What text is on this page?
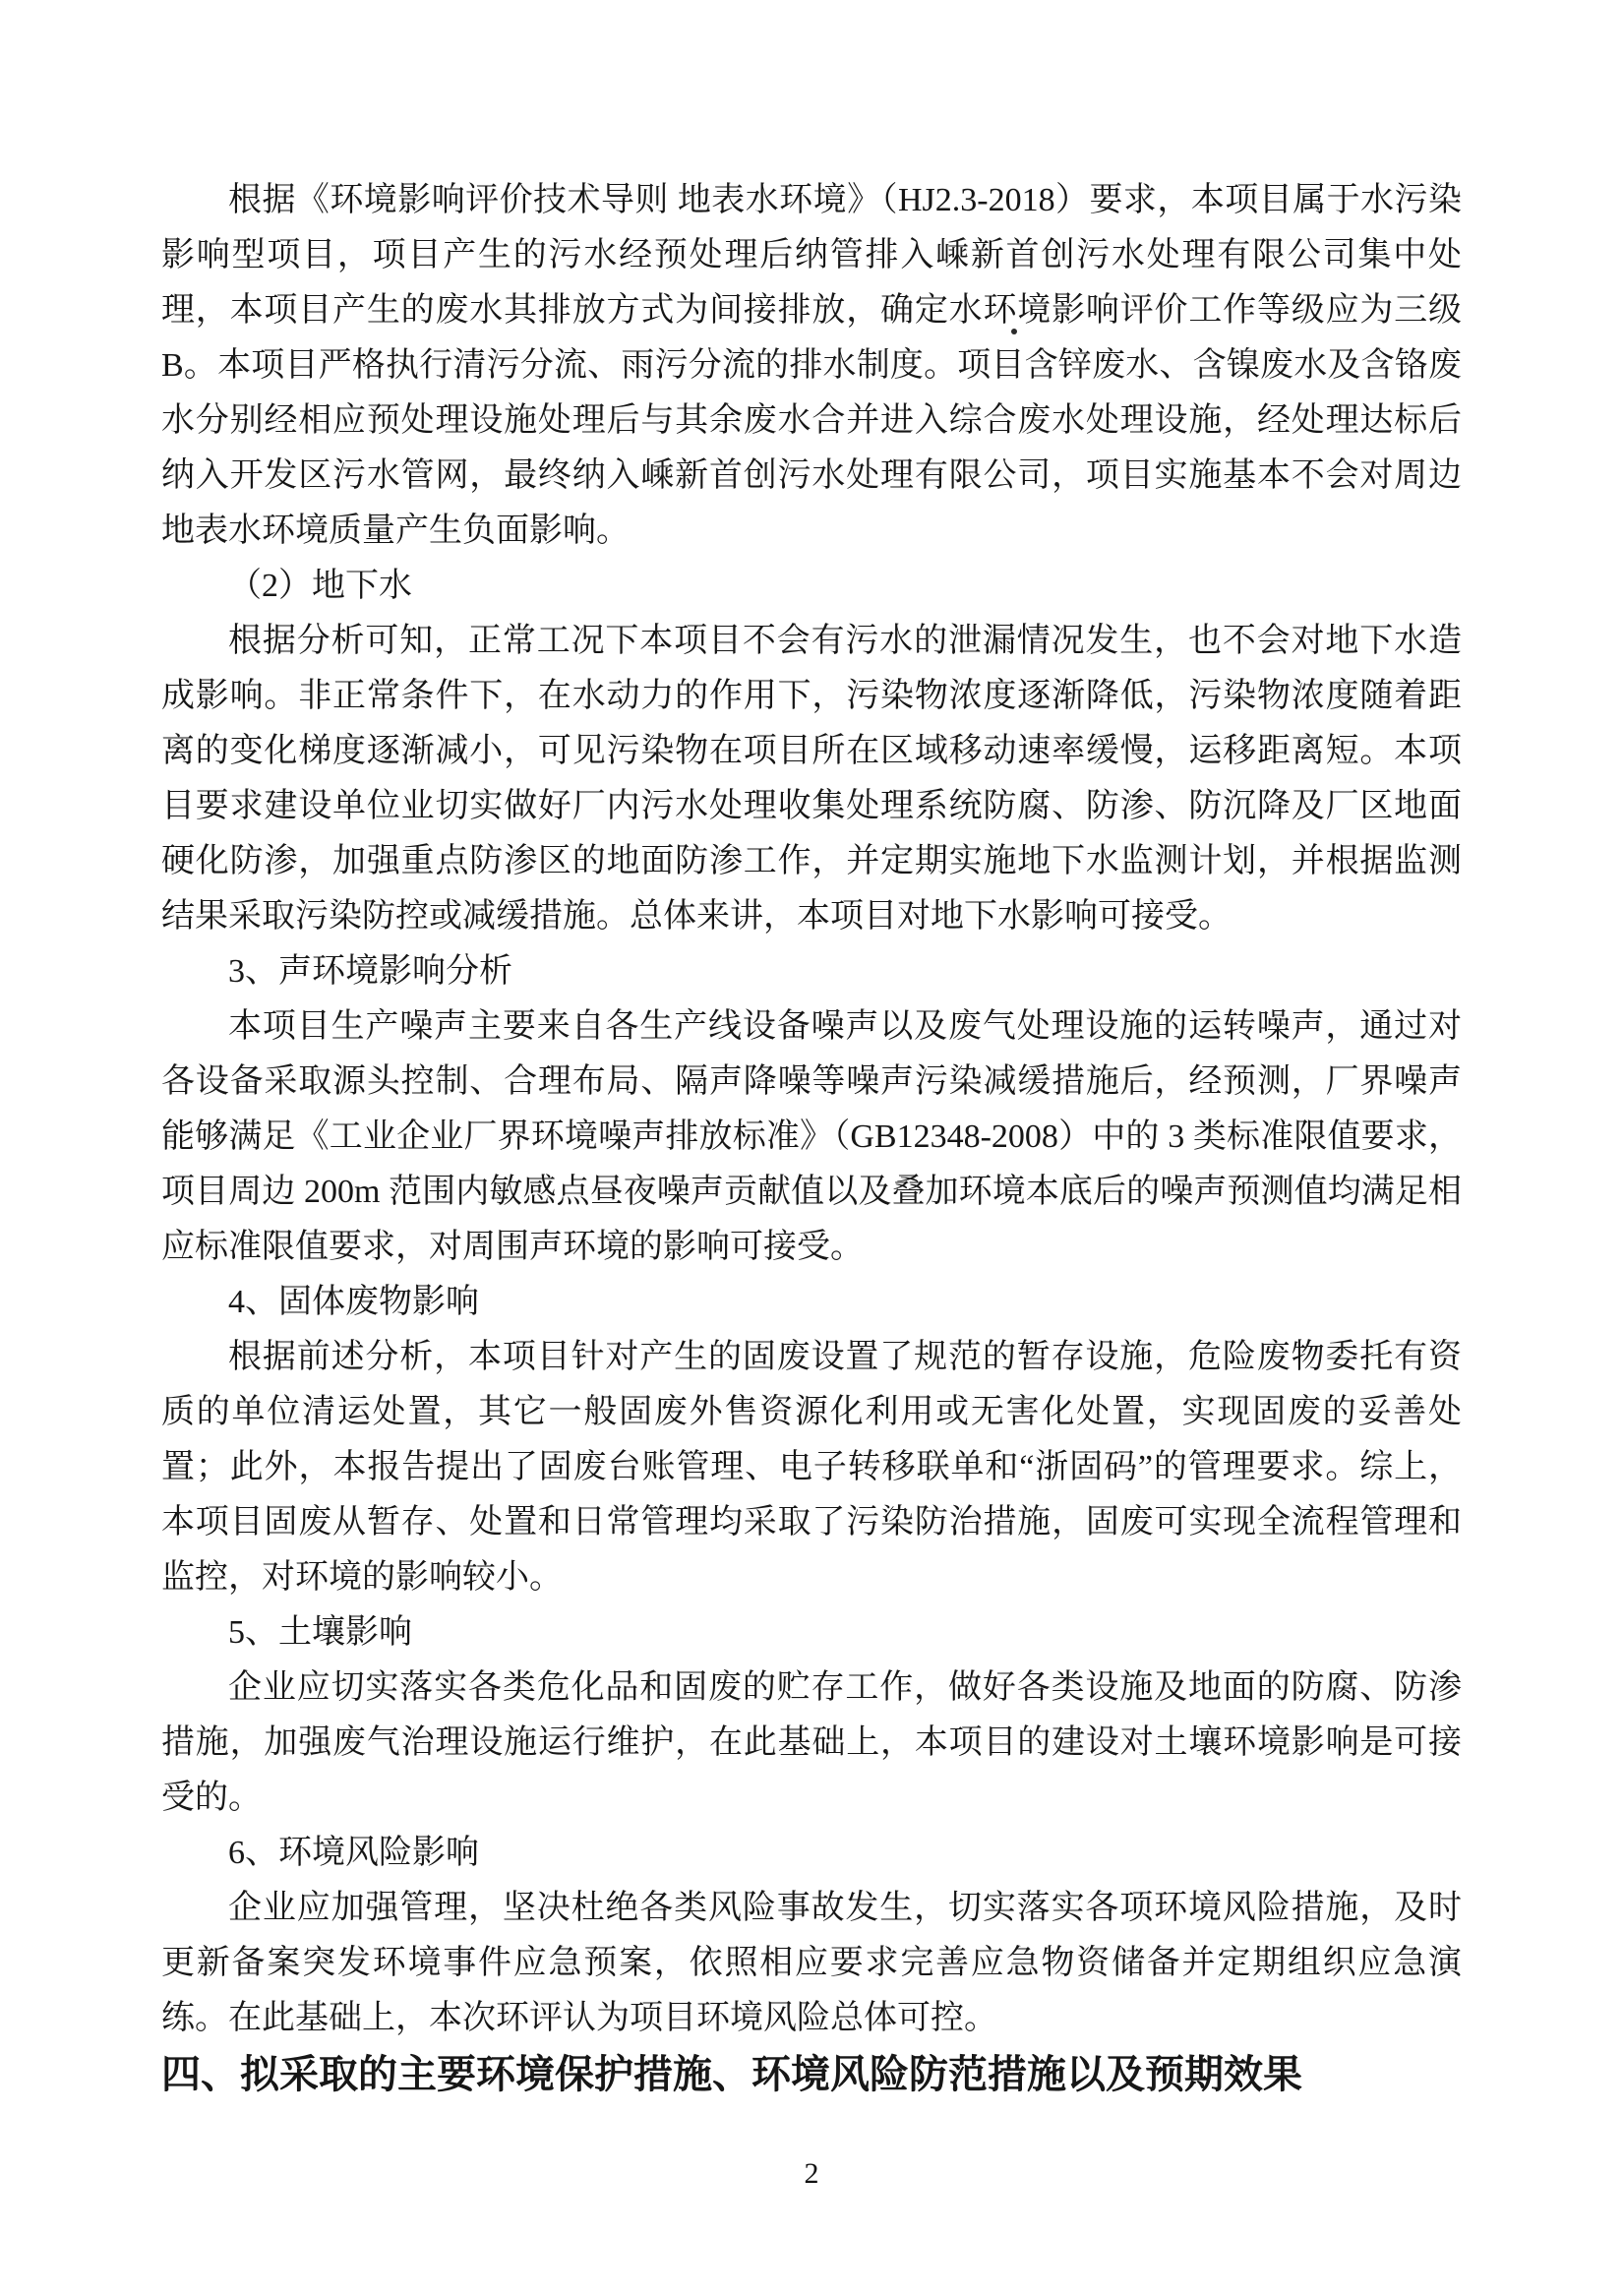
根据《环境影响评价技术导则 地表水环境》（HJ2.3-2018）要求，本项目属于水污染影响型项目，项目产生的污水经预处理后纳管排入嵊新首创污水处理有限公司集中处理，本项目产生的废水其排放方式为间接排放，确定水环境影响评价工作等级应为三级B。本项目严格执行清污分流、雨污分流的排水制度。项目含锌废水、含镍废水及含铬废水分别经相应预处理设施处理后与其余废水合并进入综合废水处理设施，经处理达标后纳入开发区污水管网，最终纳入嵊新首创污水处理有限公司，项目实施基本不会对周边地表水环境质量产生负面影响。

（2）地下水

根据分析可知，正常工况下本项目不会有污水的泄漏情况发生，也不会对地下水造成影响。非正常条件下，在水动力的作用下，污染物浓度逐渐降低，污染物浓度随着距离的变化梯度逐渐减小，可见污染物在项目所在区域移动速率缓慢，运移距离短。本项目要求建设单位业切实做好厂内污水处理收集处理系统防腐、防渗、防沉降及厂区地面硬化防渗，加强重点防渗区的地面防渗工作，并定期实施地下水监测计划，并根据监测结果采取污染防控或减缓措施。总体来讲，本项目对地下水影响可接受。

3、声环境影响分析

本项目生产噪声主要来自各生产线设备噪声以及废气处理设施的运转噪声，通过对各设备采取源头控制、合理布局、隔声降噪等噪声污染减缓措施后，经预测，厂界噪声能够满足《工业企业厂界环境噪声排放标准》（GB12348-2008）中的 3 类标准限值要求，项目周边 200m 范围内敏感点昼夜噪声贡献值以及叠加环境本底后的噪声预测值均满足相应标准限值要求，对周围声环境的影响可接受。

4、固体废物影响

根据前述分析，本项目针对产生的固废设置了规范的暂存设施，危险废物委托有资质的单位清运处置，其它一般固废外售资源化利用或无害化处置，实现固废的妥善处置；此外，本报告提出了固废台账管理、电子转移联单和“浙固码”的管理要求。综上，本项目固废从暂存、处置和日常管理均采取了污染防治措施，固废可实现全流程管理和监控，对环境的影响较小。

5、土壤影响

企业应切实落实各类危化品和固废的贮存工作，做好各类设施及地面的防腐、防渗措施，加强废气治理设施运行维护，在此基础上，本项目的建设对土壤环境影响是可接受的。

6、环境风险影响

企业应加强管理，坚决杜绝各类风险事故发生，切实落实各项环境风险措施，及时更新备案突发环境事件应急预案，依照相应要求完善应急物资储备并定期组织应急演练。在此基础上，本次环评认为项目环境风险总体可控。

四、拟采取的主要环境保护措施、环境风险防范措施以及预期效果

2
